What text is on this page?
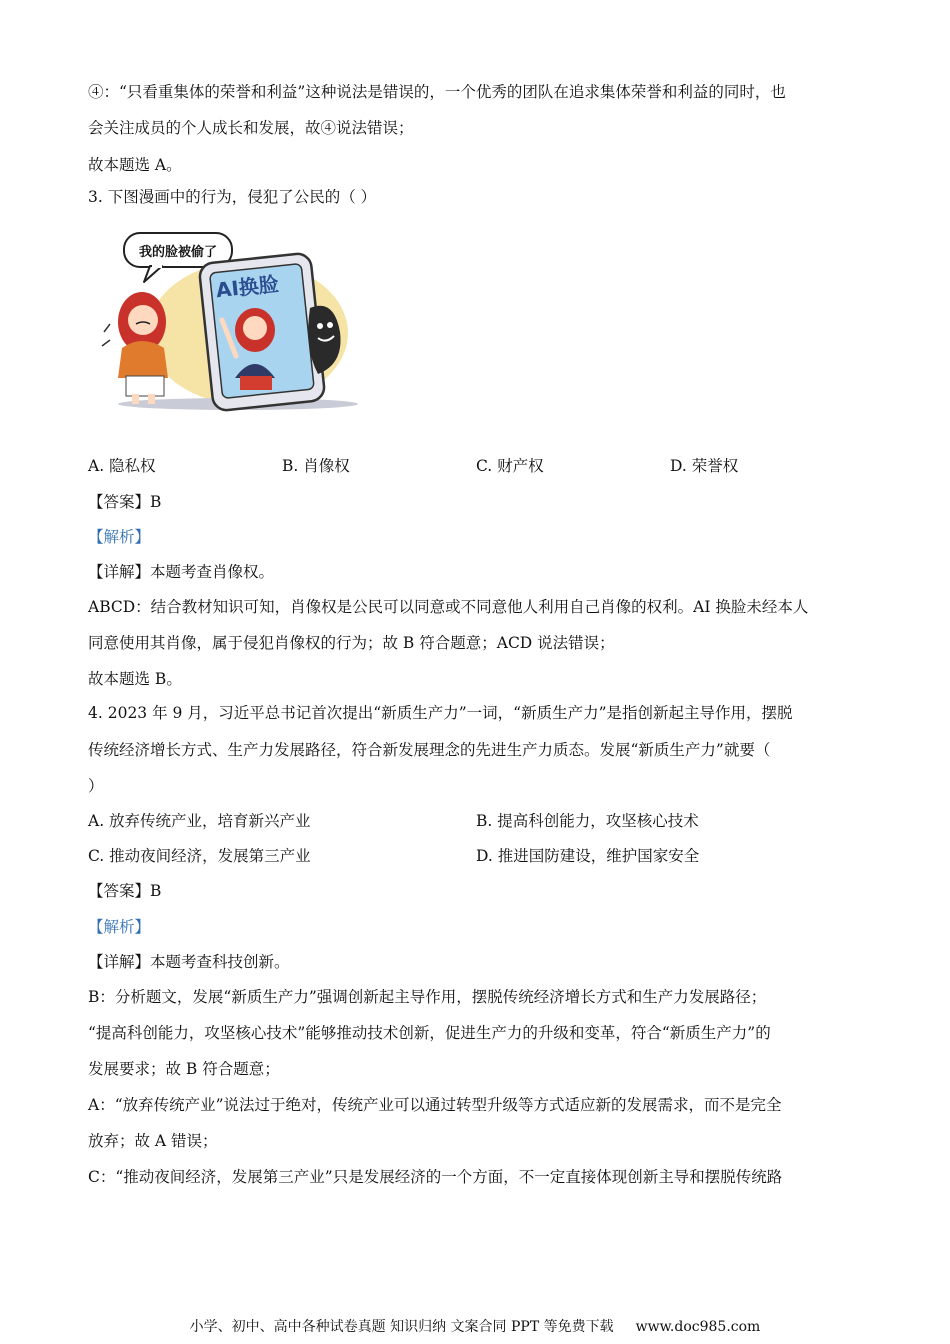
④：“只看重集体的荣誉和利益”这种说法是错误的，一个优秀的团队在追求集体荣誉和利益的同时，也
会关注成员的个人成长和发展，故④说法错误；
故本题选 A。
3. 下图漫画中的行为，侵犯了公民的（ ）
我的脸被偷了
AI换脸
A. 隐私权	B. 肖像权	C. 财产权	D. 荣誉权
【答案】B
【解析】
【详解】本题考查肖像权。
ABCD：结合教材知识可知，肖像权是公民可以同意或不同意他人利用自己肖像的权利。AI 换脸未经本人
同意使用其肖像，属于侵犯肖像权的行为；故 B 符合题意；ACD 说法错误；
故本题选 B。
4. 2023 年 9 月，习近平总书记首次提出“新质生产力”一词，“新质生产力”是指创新起主导作用，摆脱
传统经济增长方式、生产力发展路径，符合新发展理念的先进生产力质态。发展“新质生产力”就要（
）
A. 放弃传统产业，培育新兴产业	B. 提高科创能力，攻坚核心技术
C. 推动夜间经济，发展第三产业	D. 推进国防建设，维护国家安全
【答案】B
【解析】
【详解】本题考查科技创新。
B：分析题文，发展“新质生产力”强调创新起主导作用，摆脱传统经济增长方式和生产力发展路径；
“提高科创能力，攻坚核心技术”能够推动技术创新，促进生产力的升级和变革，符合“新质生产力”的
发展要求；故 B 符合题意；
A：“放弃传统产业”说法过于绝对，传统产业可以通过转型升级等方式适应新的发展需求，而不是完全
放弃；故 A 错误；
C：“推动夜间经济，发展第三产业”只是发展经济的一个方面，不一定直接体现创新主导和摆脱传统路
小学、初中、高中各种试卷真题 知识归纳 文案合同 PPT 等免费下载 www.doc985.com
